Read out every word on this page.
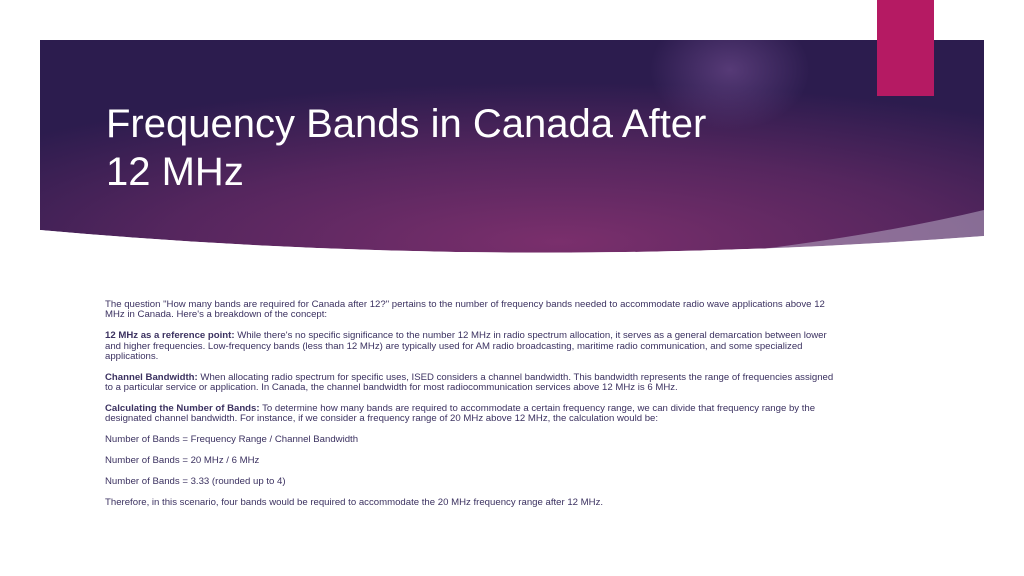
Frequency Bands in Canada After
12 MHz

The question "How many bands are required for Canada after 12?" pertains to the number of frequency bands needed to accommodate radio wave applications above 12 MHz in Canada. Here's a breakdown of the concept:

12 MHz as a reference point: While there's no specific significance to the number 12 MHz in radio spectrum allocation, it serves as a general demarcation between lower and higher frequencies. Low-frequency bands (less than 12 MHz) are typically used for AM radio broadcasting, maritime radio communication, and some specialized applications.

Channel Bandwidth: When allocating radio spectrum for specific uses, ISED considers a channel bandwidth. This bandwidth represents the range of frequencies assigned to a particular service or application. In Canada, the channel bandwidth for most radiocommunication services above 12 MHz is 6 MHz.

Calculating the Number of Bands: To determine how many bands are required to accommodate a certain frequency range, we can divide that frequency range by the designated channel bandwidth. For instance, if we consider a frequency range of 20 MHz above 12 MHz, the calculation would be:

Number of Bands = Frequency Range / Channel Bandwidth

Number of Bands = 20 MHz / 6 MHz

Number of Bands = 3.33 (rounded up to 4)

Therefore, in this scenario, four bands would be required to accommodate the 20 MHz frequency range after 12 MHz.
